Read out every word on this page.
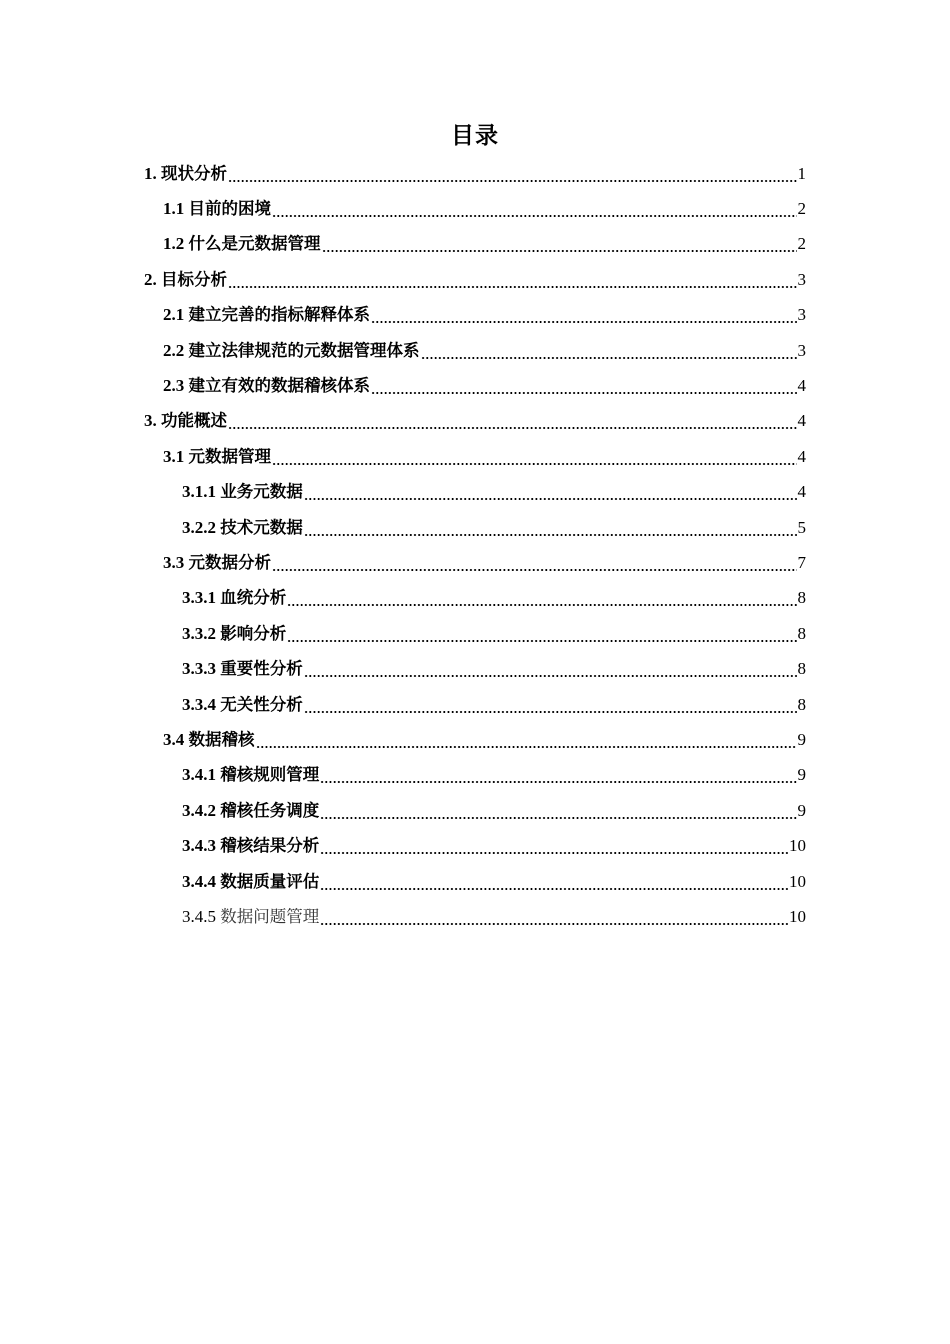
目录
1. 现状分析	1
1.1 目前的困境	2
1.2 什么是元数据管理	2
2. 目标分析	3
2.1 建立完善的指标解释体系	3
2.2 建立法律规范的元数据管理体系	3
2.3 建立有效的数据稽核体系	4
3. 功能概述	4
3.1 元数据管理	4
3.1.1 业务元数据	4
3.2.2 技术元数据	5
3.3 元数据分析	7
3.3.1 血统分析	8
3.3.2 影响分析	8
3.3.3 重要性分析	8
3.3.4 无关性分析	8
3.4 数据稽核	9
3.4.1 稽核规则管理	9
3.4.2 稽核任务调度	9
3.4.3 稽核结果分析	10
3.4.4 数据质量评估	10
3.4.5 数据问题管理	10
